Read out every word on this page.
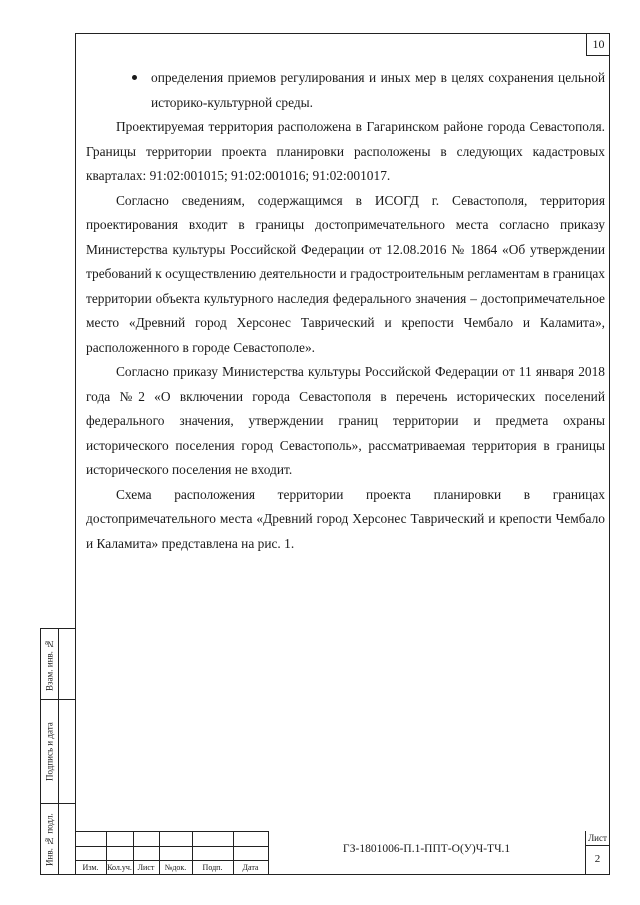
10
определения приемов регулирования и иных мер в целях сохранения цельной историко-культурной среды.

Проектируемая территория расположена в Гагаринском районе города Севастополя. Границы территории проекта планировки расположены в следующих кадастровых кварталах: 91:02:001015; 91:02:001016; 91:02:001017.

Согласно сведениям, содержащимся в ИСОГД г. Севастополя, территория проектирования входит в границы достопримечательного места согласно приказу Министерства культуры Российской Федерации от 12.08.2016 № 1864 «Об утверждении требований к осуществлению деятельности и градостроительным регламентам в границах территории объекта культурного наследия федерального значения – достопримечательное место «Древний город Херсонес Таврический и крепости Чембало и Каламита», расположенного в городе Севастополе».

Согласно приказу Министерства культуры Российской Федерации от 11 января 2018 года №2 «О включении города Севастополя в перечень исторических поселений федерального значения, утверждении границ территории и предмета охраны исторического поселения город Севастополь», рассматриваемая территория в границы исторического поселения не входит.

Схема расположения территории проекта планировки в границах достопримечательного места «Древний город Херсонес Таврический и крепости Чембало и Каламита» представлена на рис. 1.

Взам. инв. №
Подпись и дата
Инв. № подл.
Изм.	Кол.уч. Лист	№док.	Подп.	Дата
ГЗ-1801006-П.1-ППТ-О(У)Ч-ТЧ.1
Лист
2
